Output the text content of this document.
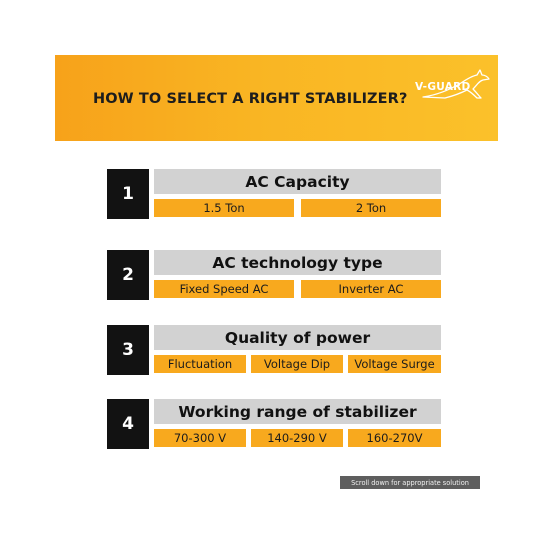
HOW TO SELECT A RIGHT STABILIZER?
V-GUARD
1
AC Capacity
1.5 Ton	2 Ton
2
AC technology type
Fixed Speed AC	Inverter AC
3
Quality of power
Fluctuation	Voltage Dip	Voltage Surge
4
Working range of stabilizer
70-300 V	140-290 V	160-270V
Scroll down for appropriate solution
